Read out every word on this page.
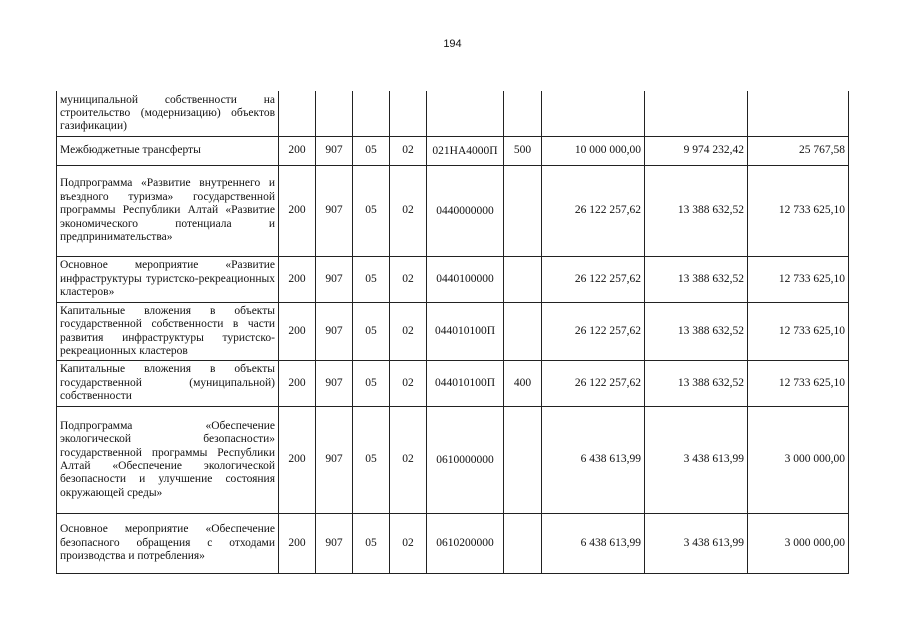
194
муниципальной собственности на строительство (модернизацию) объектов газификации)									
Межбюджетные трансферты	200	907	05	02	021НА4000П	500	10 000 000,00	9 974 232,42	25 767,58
Подпрограмма «Развитие внутреннего и въездного туризма» государственной программы Республики Алтай «Развитие экономического потенциала и предпринимательства»	200	907	05	02	0440000000		26 122 257,62	13 388 632,52	12 733 625,10
Основное мероприятие «Развитие инфраструктуры туристско-рекреационных кластеров»	200	907	05	02	0440100000		26 122 257,62	13 388 632,52	12 733 625,10
Капитальные вложения в объекты государственной собственности в части развития инфраструктуры туристско-рекреационных кластеров	200	907	05	02	044010100П		26 122 257,62	13 388 632,52	12 733 625,10
Капитальные вложения в объекты государственной (муниципальной) собственности	200	907	05	02	044010100П	400	26 122 257,62	13 388 632,52	12 733 625,10
Подпрограмма «Обеспечение экологической безопасности» государственной программы Республики Алтай «Обеспечение экологической безопасности и улучшение состояния окружающей среды»	200	907	05	02	0610000000		6 438 613,99	3 438 613,99	3 000 000,00
Основное мероприятие «Обеспечение безопасного обращения с отходами производства и потребления»	200	907	05	02	0610200000		6 438 613,99	3 438 613,99	3 000 000,00
